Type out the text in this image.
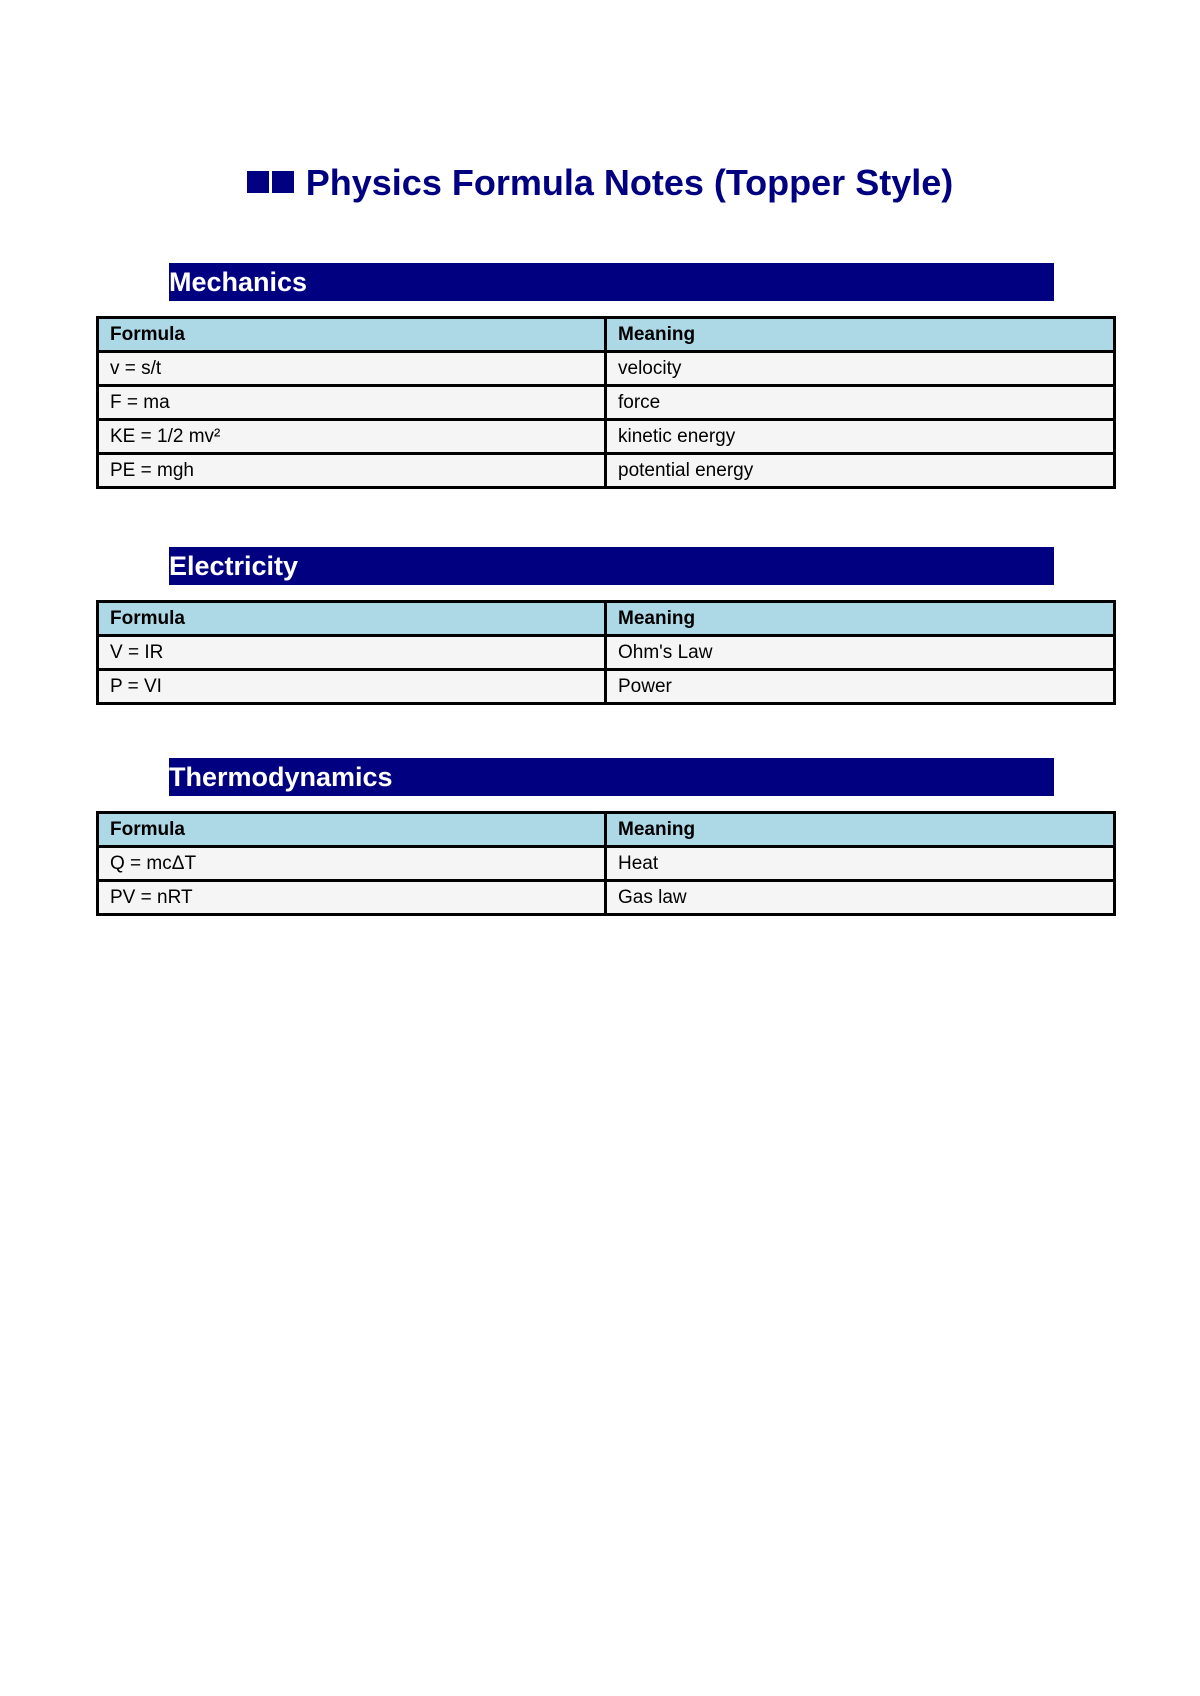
Physics Formula Notes (Topper Style)
Mechanics
Formula	Meaning
v = s/t	velocity
F = ma	force
KE = 1/2 mv²	kinetic energy
PE = mgh	potential energy
Electricity
Formula	Meaning
V = IR	Ohm's Law
P = VI	Power
Thermodynamics
Formula	Meaning
Q = mcΔT	Heat
PV = nRT	Gas law
